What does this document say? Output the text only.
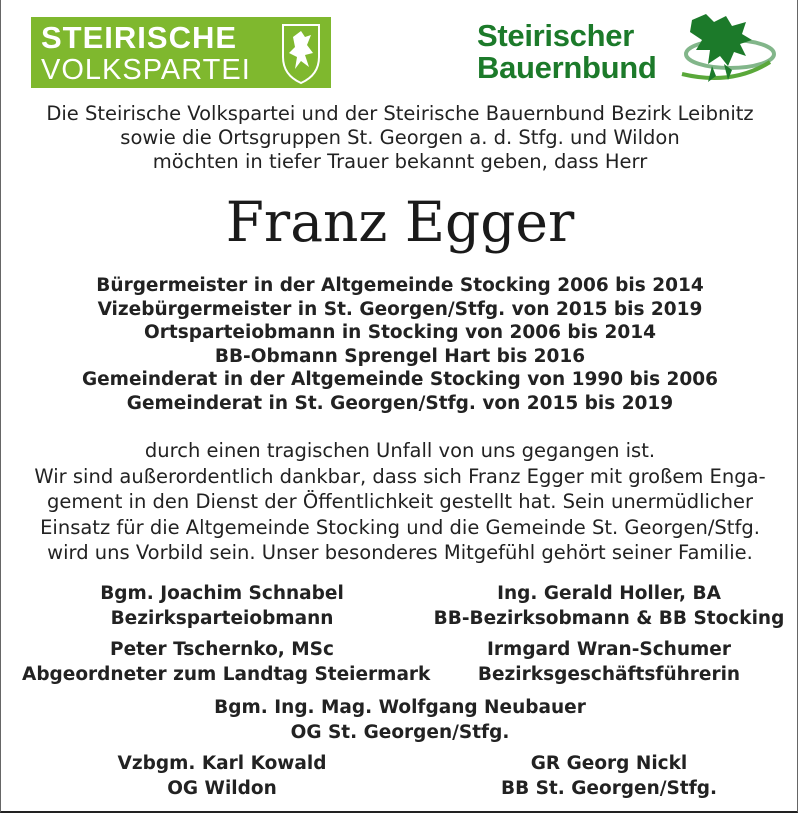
STEIRISCHE
VOLKSPARTEI
Steirischer
Bauernbund
Die Steirische Volkspartei und der Steirische Bauernbund Bezirk Leibnitz
sowie die Ortsgruppen St. Georgen a. d. Stfg. und Wildon
möchten in tiefer Trauer bekannt geben, dass Herr
Franz Egger
Bürgermeister in der Altgemeinde Stocking 2006 bis 2014
Vizebürgermeister in St. Georgen/Stfg. von 2015 bis 2019
Ortsparteiobmann in Stocking von 2006 bis 2014
BB-Obmann Sprengel Hart bis 2016
Gemeinderat in der Altgemeinde Stocking von 1990 bis 2006
Gemeinderat in St. Georgen/Stfg. von 2015 bis 2019
durch einen tragischen Unfall von uns gegangen ist.
Wir sind außerordentlich dankbar, dass sich Franz Egger mit großem Enga-
gement in den Dienst der Öffentlichkeit gestellt hat. Sein unermüdlicher
Einsatz für die Altgemeinde Stocking und die Gemeinde St. Georgen/Stfg.
wird uns Vorbild sein. Unser besonderes Mitgefühl gehört seiner Familie.
Bgm. Joachim Schnabel
Bezirksparteiobmann
Ing. Gerald Holler, BA
BB-Bezirksobmann & BB Stocking
Peter Tschernko, MSc
Abgeordneter zum Landtag Steiermark
Irmgard Wran-Schumer
Bezirksgeschäftsführerin
Bgm. Ing. Mag. Wolfgang Neubauer
OG St. Georgen/Stfg.
Vzbgm. Karl Kowald
OG Wildon
GR Georg Nickl
BB St. Georgen/Stfg.
